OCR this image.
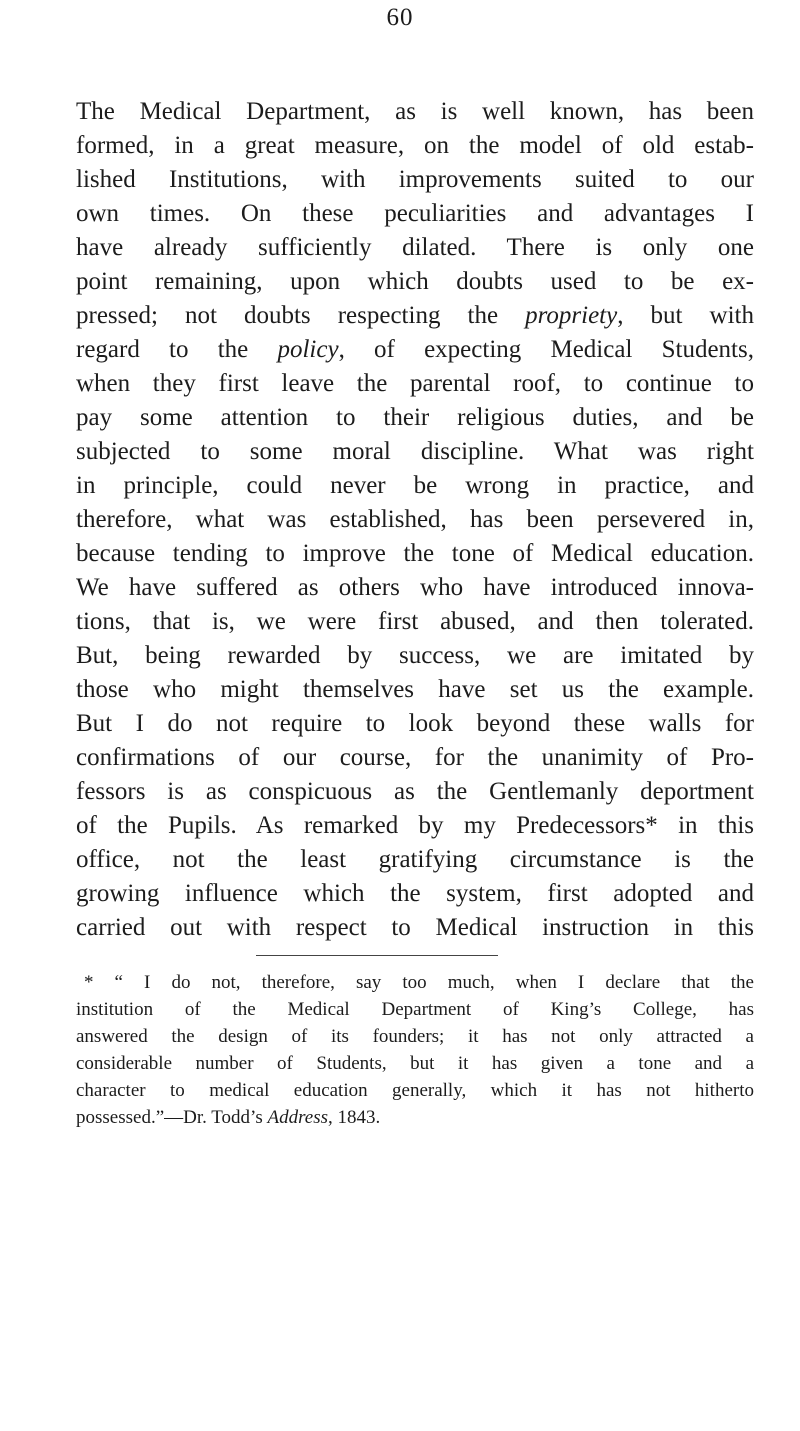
60
The Medical Department, as is well known, has been
formed, in a great measure, on the model of old estab-
lished Institutions, with improvements suited to our
own times. On these peculiarities and advantages I
have already sufficiently dilated. There is only one
point remaining, upon which doubts used to be ex-
pressed; not doubts respecting the propriety, but with
regard to the policy, of expecting Medical Students,
when they first leave the parental roof, to continue to
pay some attention to their religious duties, and be
subjected to some moral discipline. What was right
in principle, could never be wrong in practice, and
therefore, what was established, has been persevered in,
because tending to improve the tone of Medical education.
We have suffered as others who have introduced innova-
tions, that is, we were first abused, and then tolerated.
But, being rewarded by success, we are imitated by
those who might themselves have set us the example.
But I do not require to look beyond these walls for
confirmations of our course, for the unanimity of Pro-
fessors is as conspicuous as the Gentlemanly deportment
of the Pupils. As remarked by my Predecessors* in this
office, not the least gratifying circumstance is the
growing influence which the system, first adopted and
carried out with respect to Medical instruction in this
* “ I do not, therefore, say too much, when I declare that the
institution of the Medical Department of King’s College, has
answered the design of its founders; it has not only attracted a
considerable number of Students, but it has given a tone and a
character to medical education generally, which it has not hitherto
possessed.”—Dr. Todd’s Address, 1843.
